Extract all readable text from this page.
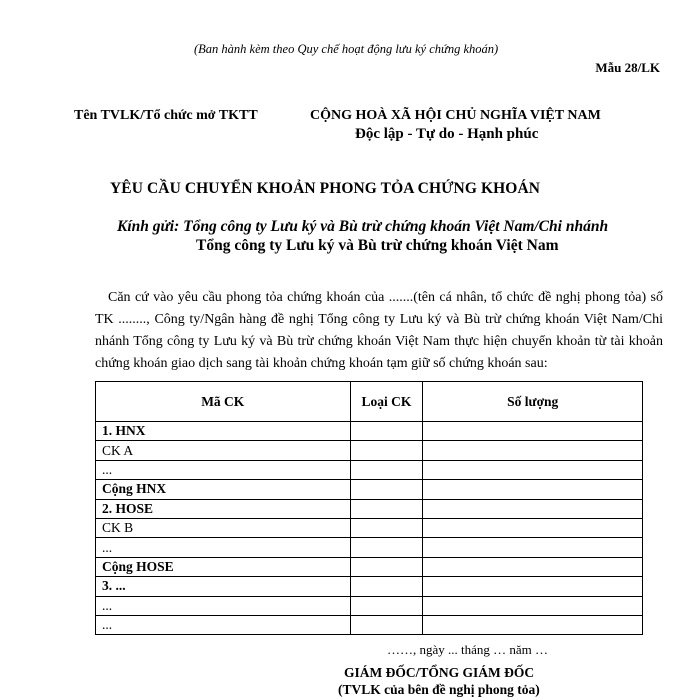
(Ban hành kèm theo Quy chế hoạt động lưu ký chứng khoán)
Mẫu 28/LK
Tên TVLK/Tổ chức mở TKTT	CỘNG HOÀ XÃ HỘI CHỦ NGHĨA VIỆT NAM
Độc lập - Tự do - Hạnh phúc
YÊU CẦU CHUYỂN KHOẢN PHONG TỎA CHỨNG KHOÁN
Kính gửi: Tổng công ty Lưu ký và Bù trừ chứng khoán Việt Nam/Chi nhánh
Tổng công ty Lưu ký và Bù trừ chứng khoán Việt Nam
Căn cứ vào yêu cầu phong tỏa chứng khoán của .......(tên cá nhân, tổ chức đề nghị phong tỏa) số TK ........, Công ty/Ngân hàng đề nghị Tổng công ty Lưu ký và Bù trừ chứng khoán Việt Nam/Chi nhánh Tổng công ty Lưu ký và Bù trừ chứng khoán Việt Nam thực hiện chuyển khoản từ tài khoản chứng khoán giao dịch sang tài khoản chứng khoán tạm giữ số chứng khoán sau:
Mã CK	Loại CK	Số lượng
1. HNX		
CK A		
...		
Cộng HNX		
2. HOSE		
CK B		
...		
Cộng HOSE		
3. ...		
...		
...		
……, ngày ... tháng … năm …
GIÁM ĐỐC/TỔNG GIÁM ĐỐC
(TVLK của bên đề nghị phong tỏa)
